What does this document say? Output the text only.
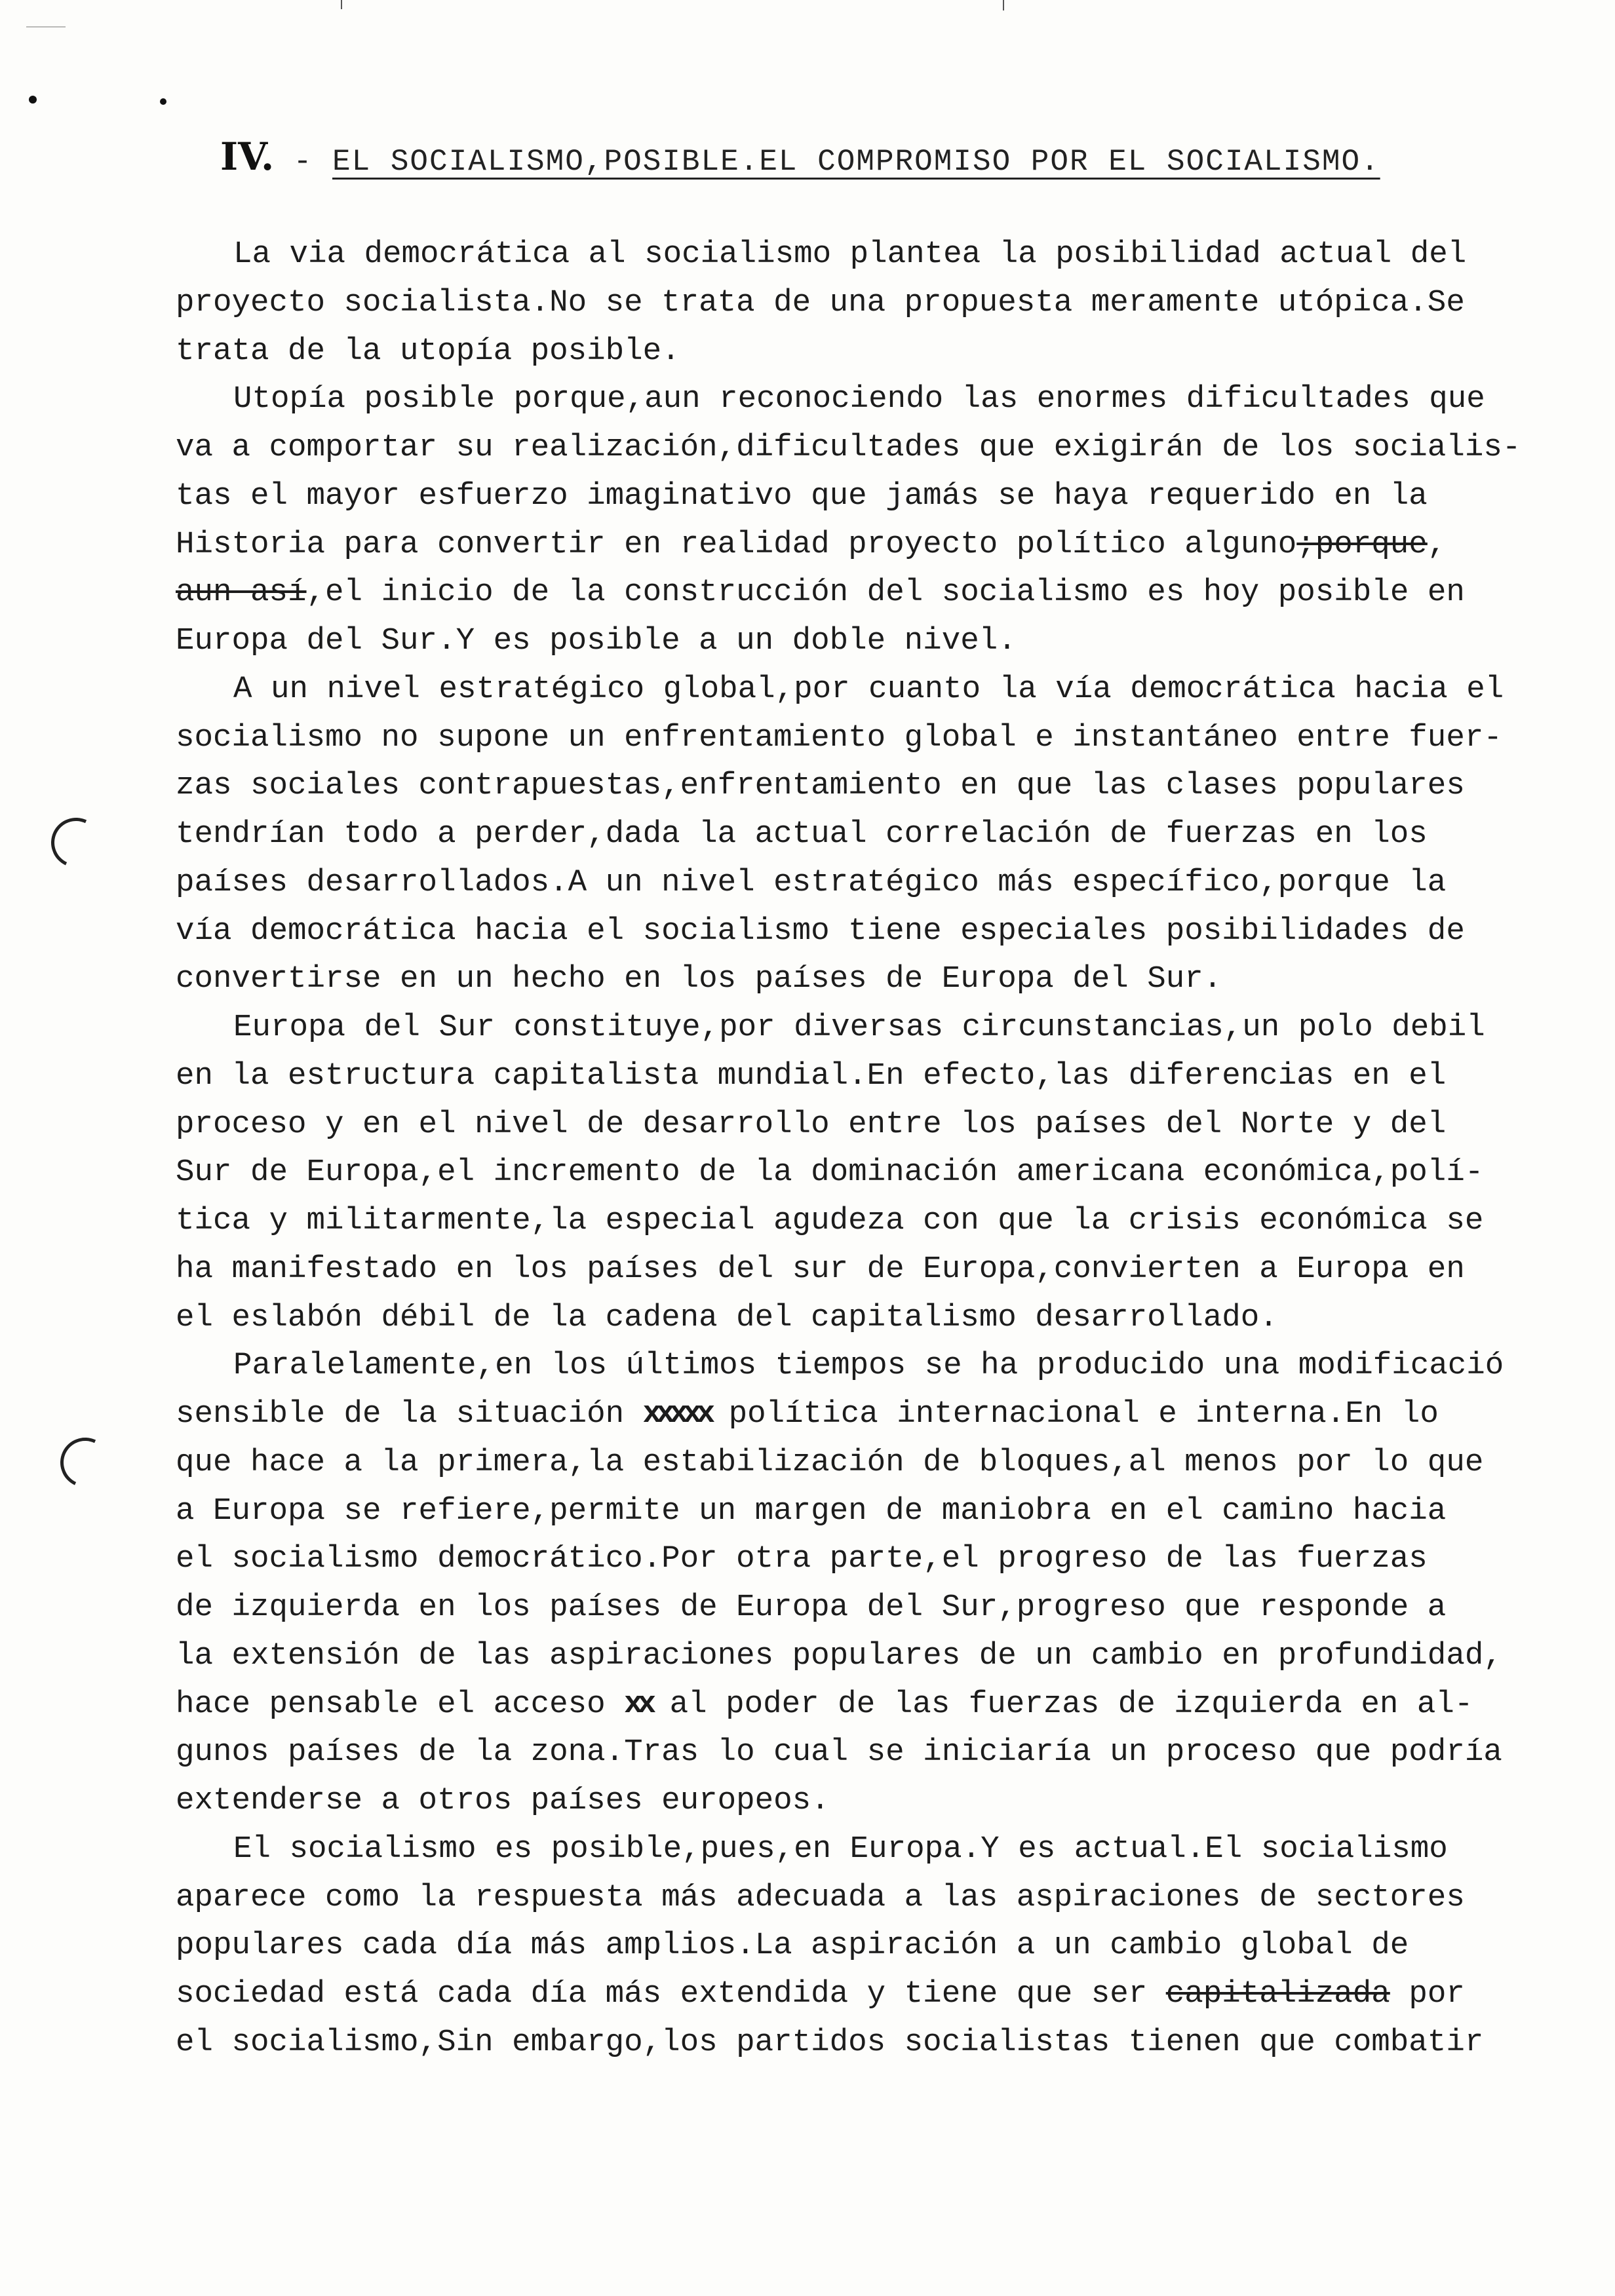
IV. - EL SOCIALISMO,POSIBLE.EL COMPROMISO POR EL SOCIALISMO.
La via democrática al socialismo plantea la posibilidad actual del
proyecto socialista.No se trata de una propuesta meramente utópica.Se
trata de la utopía posible.
Utopía posible porque,aun reconociendo las enormes dificultades que
va a comportar su realización,dificultades que exigirán de los socialis-
tas el mayor esfuerzo imaginativo que jamás se haya requerido en la
Historia para convertir en realidad proyecto político alguno;porque,
aun así,el inicio de la construcción del socialismo es hoy posible en
Europa del Sur.Y es posible a un doble nivel.
A un nivel estratégico global,por cuanto la vía democrática hacia el
socialismo no supone un enfrentamiento global e instantáneo entre fuer-
zas sociales contrapuestas,enfrentamiento en que las clases populares
tendrían todo a perder,dada la actual correlación de fuerzas en los
países desarrollados.A un nivel estratégico más específico,porque la
vía democrática hacia el socialismo tiene especiales posibilidades de
convertirse en un hecho en los países de Europa del Sur.
Europa del Sur constituye,por diversas circunstancias,un polo debil
en la estructura capitalista mundial.En efecto,las diferencias en el
proceso y en el nivel de desarrollo entre los países del Norte y del
Sur de Europa,el incremento de la dominación americana económica,polí-
tica y militarmente,la especial agudeza con que la crisis económica se
ha manifestado en los países del sur de Europa,convierten a Europa en
el eslabón débil de la cadena del capitalismo desarrollado.
Paralelamente,en los últimos tiempos se ha producido una modificació
sensible de la situación xxxxx política internacional e interna.En lo
que hace a la primera,la estabilización de bloques,al menos por lo que
a Europa se refiere,permite un margen de maniobra en el camino hacia
el socialismo democrático.Por otra parte,el progreso de las fuerzas
de izquierda en los países de Europa del Sur,progreso que responde a
la extensión de las aspiraciones populares de un cambio en profundidad,
hace pensable el acceso xx al poder de las fuerzas de izquierda en al-
gunos países de la zona.Tras lo cual se iniciaría un proceso que podría
extenderse a otros países europeos.
El socialismo es posible,pues,en Europa.Y es actual.El socialismo
aparece como la respuesta más adecuada a las aspiraciones de sectores
populares cada día más amplios.La aspiración a un cambio global de
sociedad está cada día más extendida y tiene que ser capitalizada por
el socialismo,Sin embargo,los partidos socialistas tienen que combatir
